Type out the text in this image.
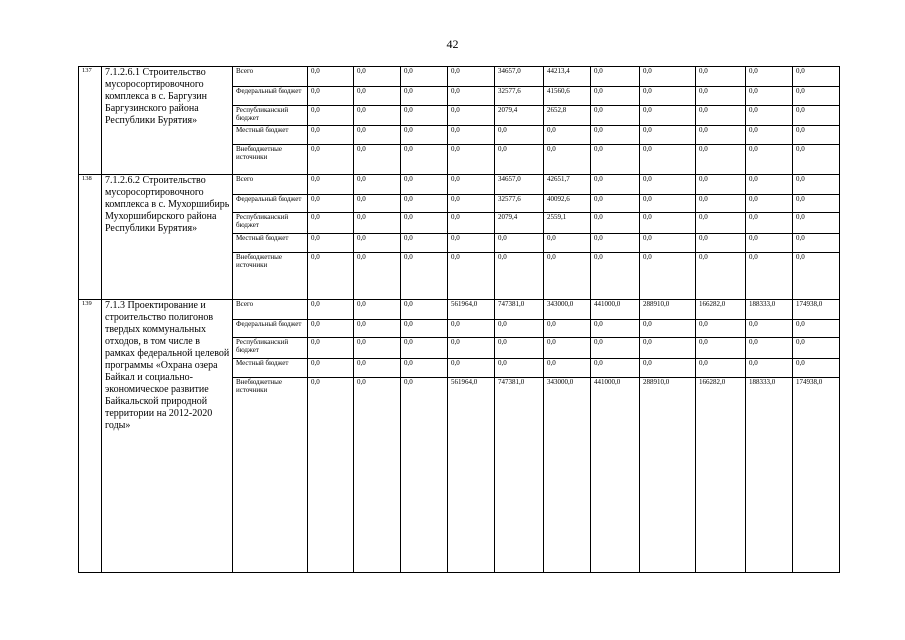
42
137	7.1.2.6.1 Строительство мусоросортировочного комплекса в с. Баргузин Баргузинского района Республики Бурятия»	Всего	0,0	0,0	0,0	0,0	34657,0	44213,4	0,0	0,0	0,0	0,0	0,0
		Федеральный бюджет	0,0	0,0	0,0	0,0	32577,6	41560,6	0,0	0,0	0,0	0,0	0,0
		Республиканский бюджет	0,0	0,0	0,0	0,0	2079,4	2652,8	0,0	0,0	0,0	0,0	0,0
		Местный бюджет	0,0	0,0	0,0	0,0	0,0	0,0	0,0	0,0	0,0	0,0	0,0
		Внебюджетные источники	0,0	0,0	0,0	0,0	0,0	0,0	0,0	0,0	0,0	0,0	0,0
138	7.1.2.6.2 Строительство мусоросортировочного комплекса в с. Мухоршибирь Мухоршибирского района Республики Бурятия»	Всего	0,0	0,0	0,0	0,0	34657,0	42651,7	0,0	0,0	0,0	0,0	0,0
		Федеральный бюджет	0,0	0,0	0,0	0,0	32577,6	40092,6	0,0	0,0	0,0	0,0	0,0
		Республиканский бюджет	0,0	0,0	0,0	0,0	2079,4	2559,1	0,0	0,0	0,0	0,0	0,0
		Местный бюджет	0,0	0,0	0,0	0,0	0,0	0,0	0,0	0,0	0,0	0,0	0,0
		Внебюджетные источники	0,0	0,0	0,0	0,0	0,0	0,0	0,0	0,0	0,0	0,0	0,0
139	7.1.3 Проектирование и строительство полигонов твердых коммунальных отходов, в том числе в рамках федеральной целевой программы «Охрана озера Байкал и социально-экономическое развитие Байкальской природной территории на 2012-2020 годы»	Всего	0,0	0,0	0,0	561964,0	747381,0	343000,0	441000,0	288910,0	166282,0	188333,0	174938,0
		Федеральный бюджет	0,0	0,0	0,0	0,0	0,0	0,0	0,0	0,0	0,0	0,0	0,0
		Республиканский бюджет	0,0	0,0	0,0	0,0	0,0	0,0	0,0	0,0	0,0	0,0	0,0
		Местный бюджет	0,0	0,0	0,0	0,0	0,0	0,0	0,0	0,0	0,0	0,0	0,0
		Внебюджетные источники	0,0	0,0	0,0	561964,0	747381,0	343000,0	441000,0	288910,0	166282,0	188333,0	174938,0
